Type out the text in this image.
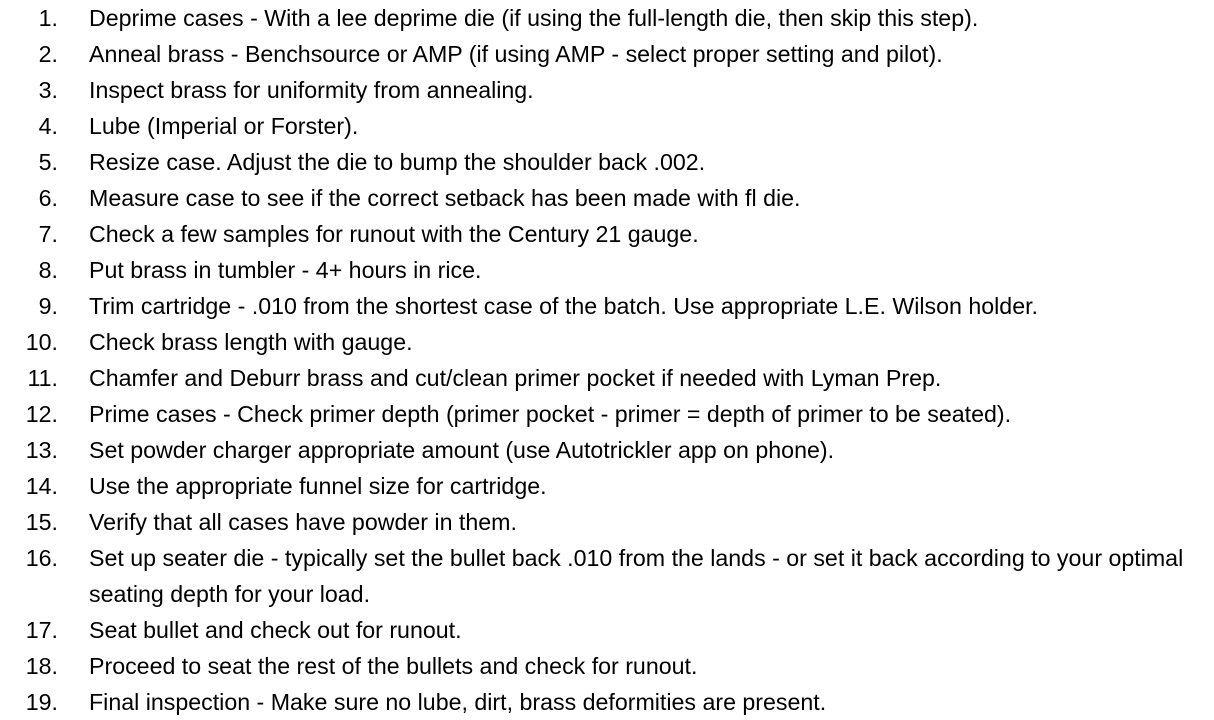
1. Deprime cases - With a lee deprime die (if using the full-length die, then skip this step).
2. Anneal brass - Benchsource or AMP (if using AMP - select proper setting and pilot).
3. Inspect brass for uniformity from annealing.
4. Lube (Imperial or Forster).
5. Resize case. Adjust the die to bump the shoulder back .002.
6. Measure case to see if the correct setback has been made with fl die.
7. Check a few samples for runout with the Century 21 gauge.
8. Put brass in tumbler - 4+ hours in rice.
9. Trim cartridge - .010 from the shortest case of the batch. Use appropriate L.E. Wilson holder.
10. Check brass length with gauge.
11. Chamfer and Deburr brass and cut/clean primer pocket if needed with Lyman Prep.
12. Prime cases - Check primer depth (primer pocket - primer = depth of primer to be seated).
13. Set powder charger appropriate amount (use Autotrickler app on phone).
14. Use the appropriate funnel size for cartridge.
15. Verify that all cases have powder in them.
16. Set up seater die - typically set the bullet back .010 from the lands - or set it back according to your optimal seating depth for your load.
17. Seat bullet and check out for runout.
18. Proceed to seat the rest of the bullets and check for runout.
19. Final inspection - Make sure no lube, dirt, brass deformities are present.
